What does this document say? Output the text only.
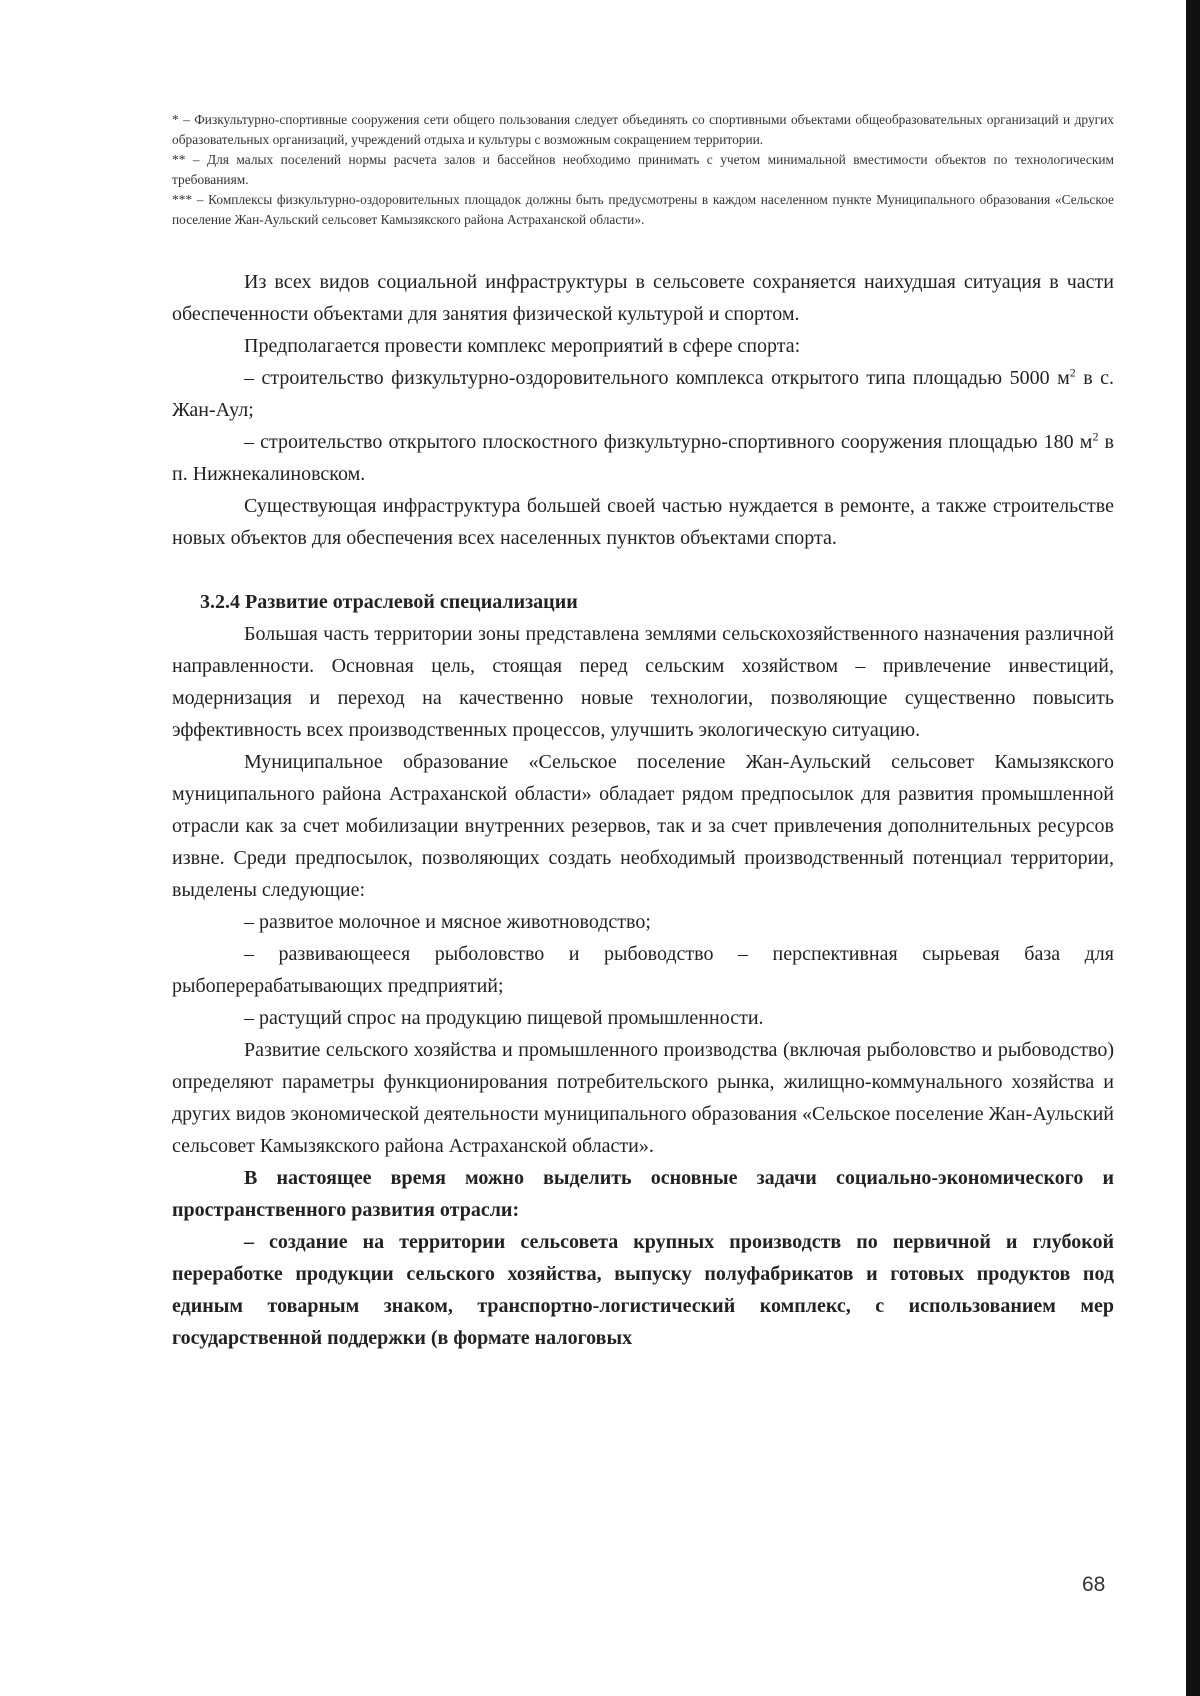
* – Физкультурно-спортивные сооружения сети общего пользования следует объединять со спортивными объектами общеобразовательных организаций и других образовательных организаций, учреждений отдыха и культуры с возможным сокращением территории.

** – Для малых поселений нормы расчета залов и бассейнов необходимо принимать с учетом минимальной вместимости объектов по технологическим требованиям.

*** – Комплексы физкультурно-оздоровительных площадок должны быть предусмотрены в каждом населенном пункте Муниципального образования «Сельское поселение Жан-Аульский сельсовет Камызякского района Астраханской области».

Из всех видов социальной инфраструктуры в сельсовете сохраняется наихудшая ситуация в части обеспеченности объектами для занятия физической культурой и спортом.

Предполагается провести комплекс мероприятий в сфере спорта:

– строительство физкультурно-оздоровительного комплекса открытого типа площадью 5000 $м^2$ в с. Жан-Аул;

– строительство открытого плоскостного физкультурно-спортивного сооружения площадью 180 $м^2$ в п. Нижнекалиновском.

Существующая инфраструктура большей своей частью нуждается в ремонте, а также строительстве новых объектов для обеспечения всех населенных пунктов объектами спорта.

3.2.4 Развитие отраслевой специализации

Большая часть территории зоны представлена землями сельскохозяйственного назначения различной направленности. Основная цель, стоящая перед сельским хозяйством – привлечение инвестиций, модернизация и переход на качественно новые технологии, позволяющие существенно повысить эффективность всех производственных процессов, улучшить экологическую ситуацию.

Муниципальное образование «Сельское поселение Жан-Аульский сельсовет Камызякского муниципального района Астраханской области» обладает рядом предпосылок для развития промышленной отрасли как за счет мобилизации внутренних резервов, так и за счет привлечения дополнительных ресурсов извне. Среди предпосылок, позволяющих создать необходимый производственный потенциал территории, выделены следующие:

– развитое молочное и мясное животноводство;

– развивающееся рыболовство и рыбоводство – перспективная сырьевая база для рыбоперерабатывающих предприятий;

– растущий спрос на продукцию пищевой промышленности.

Развитие сельского хозяйства и промышленного производства (включая рыболовство и рыбоводство) определяют параметры функционирования потребительского рынка, жилищно-коммунального хозяйства и других видов экономической деятельности муниципального образования «Сельское поселение Жан-Аульский сельсовет Камызякского района Астраханской области».

В настоящее время можно выделить основные задачи социально-экономического и пространственного развития отрасли:

– создание на территории сельсовета крупных производств по первичной и глубокой переработке продукции сельского хозяйства, выпуску полуфабрикатов и готовых продуктов под единым товарным знаком, транспортно-логистический комплекс, с использованием мер государственной поддержки (в формате налоговых

68
